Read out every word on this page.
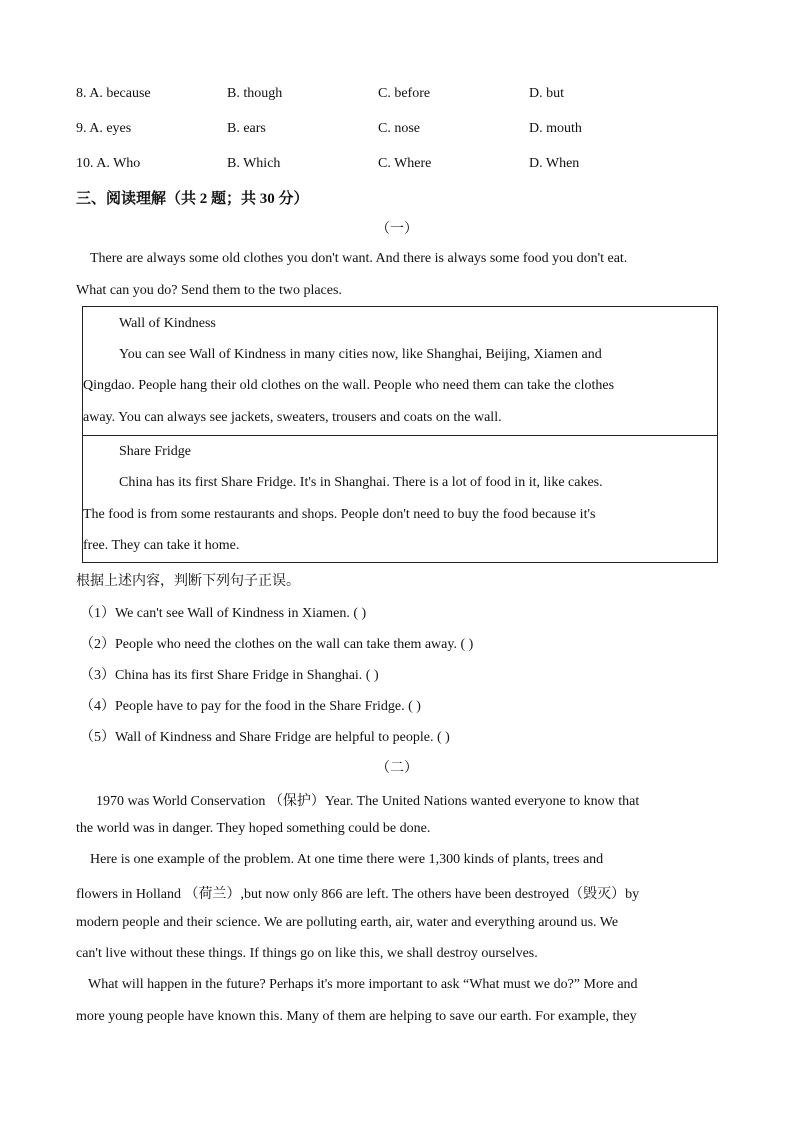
8. A. because	B. though	C. before	D. but
9. A. eyes	B. ears	C. nose	D. mouth
10. A. Who	B. Which	C. Where	D. When
三、阅读理解（共 2 题；共 30 分）
（一）
There are always some old clothes you don't want. And there is always some food you don't eat.
What can you do? Send them to the two places.
Wall of Kindness
You can see Wall of Kindness in many cities now, like Shanghai, Beijing, Xiamen and
Qingdao. People hang their old clothes on the wall. People who need them can take the clothes
away. You can always see jackets, sweaters, trousers and coats on the wall.
Share Fridge
China has its first Share Fridge. It's in Shanghai. There is a lot of food in it, like cakes.
The food is from some restaurants and shops. People don't need to buy the food because it's
free. They can take it home.
根据上述内容，判断下列句子正误。
（1）We can't see Wall of Kindness in Xiamen. ( )
（2）People who need the clothes on the wall can take them away. ( )
（3）China has its first Share Fridge in Shanghai. ( )
（4）People have to pay for the food in the Share Fridge. ( )
（5）Wall of Kindness and Share Fridge are helpful to people. ( )
（二）
1970 was World Conservation （保护）Year. The United Nations wanted everyone to know that
the world was in danger. They hoped something could be done.
Here is one example of the problem. At one time there were 1,300 kinds of plants, trees and
flowers in Holland （荷兰）,but now only 866 are left. The others have been destroyed（毁灭）by
modern people and their science. We are polluting earth, air, water and everything around us. We
can't live without these things. If things go on like this, we shall destroy ourselves.
What will happen in the future? Perhaps it's more important to ask “What must we do?” More and
more young people have known this. Many of them are helping to save our earth. For example, they
